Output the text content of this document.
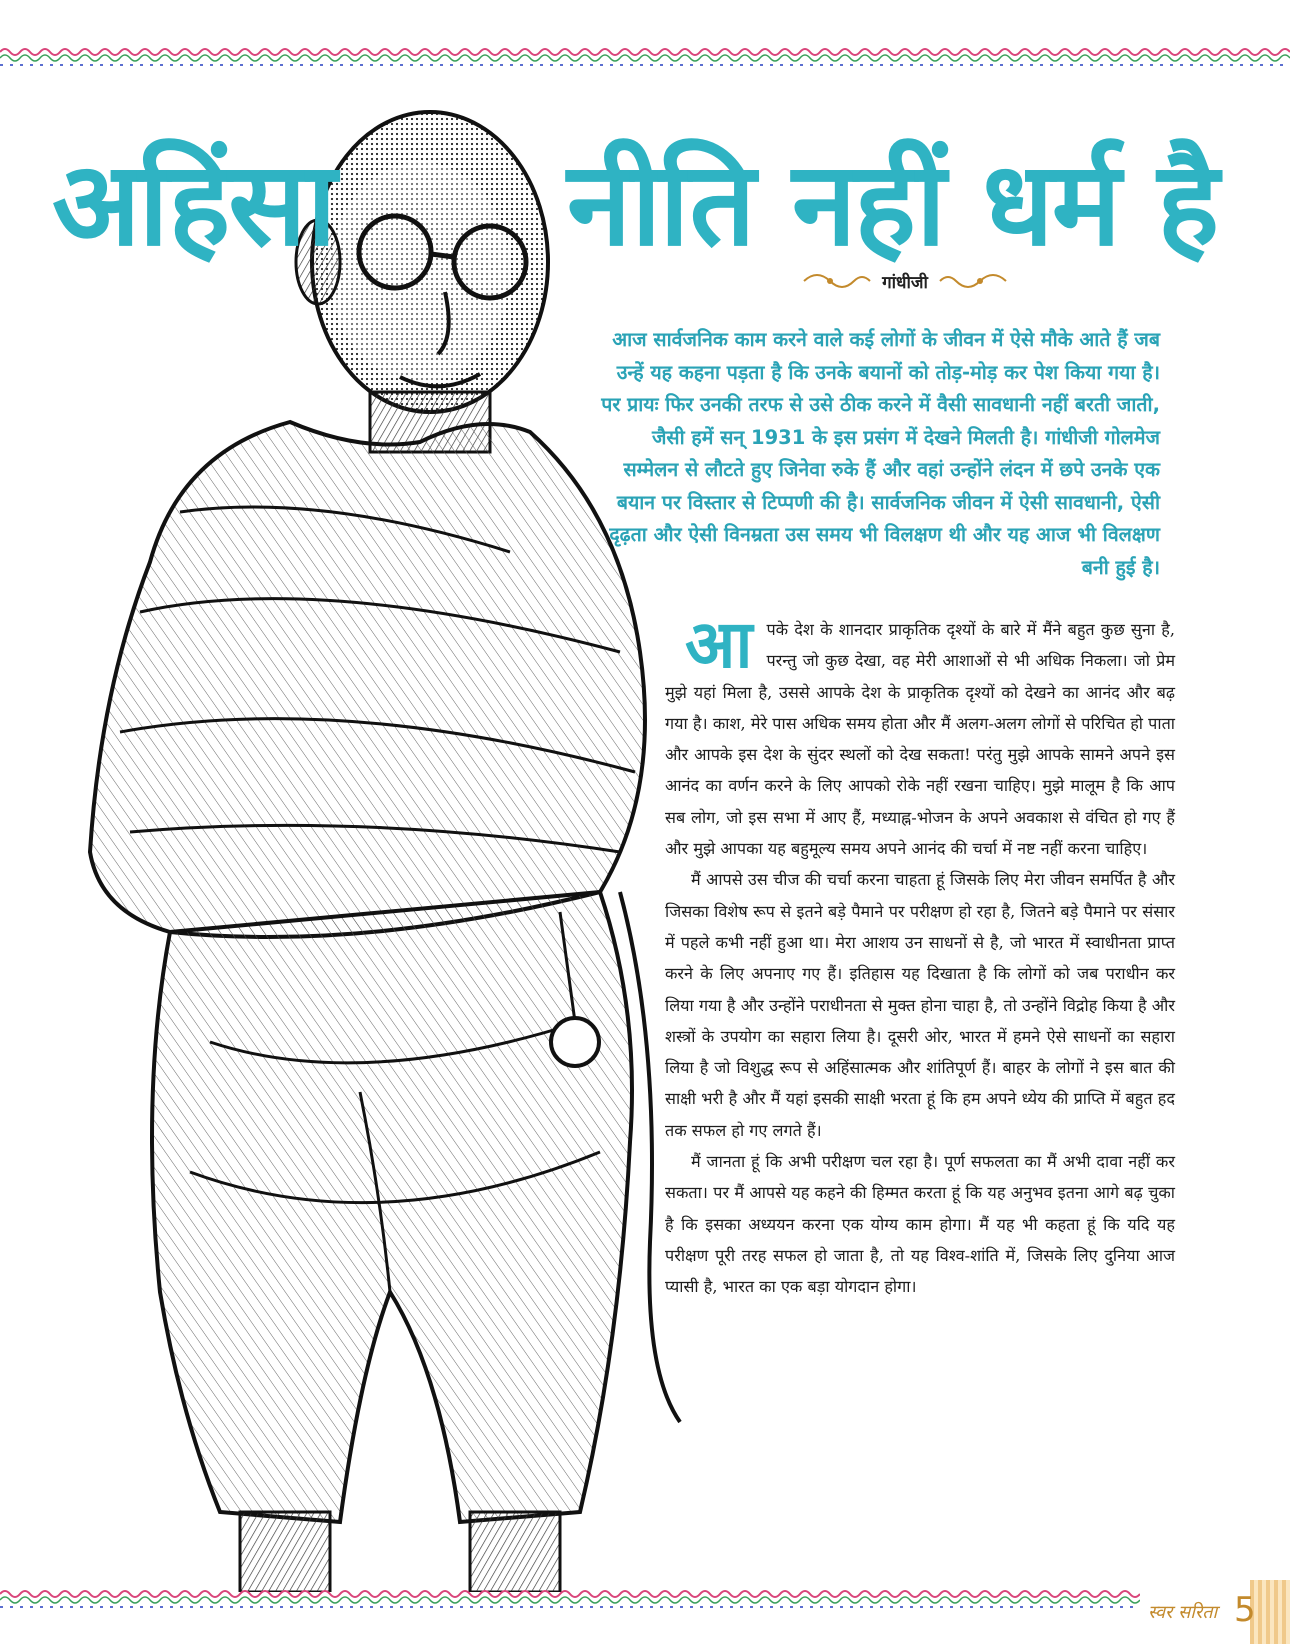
अहिंसा नीति नहीं धर्म है
गांधीजी
आज सार्वजनिक काम करने वाले कई लोगों के जीवन में ऐसे मौके आते हैं जब उन्हें यह कहना पड़ता है कि उनके बयानों को तोड़-मोड़ कर पेश किया गया है। पर प्रायः फिर उनकी तरफ से उसे ठीक करने में वैसी सावधानी नहीं बरती जाती, जैसी हमें सन् 1931 के इस प्रसंग में देखने मिलती है। गांधीजी गोलमेज सम्मेलन से लौटते हुए जिनेवा रुके हैं और वहां उन्होंने लंदन में छपे उनके एक बयान पर विस्तार से टिप्पणी की है। सार्वजनिक जीवन में ऐसी सावधानी, ऐसी दृढ़ता और ऐसी विनम्रता उस समय भी विलक्षण थी और यह आज भी विलक्षण बनी हुई है।

आपके देश के शानदार प्राकृतिक दृश्यों के बारे में मैंने बहुत कुछ सुना है, परन्तु जो कुछ देखा, वह मेरी आशाओं से भी अधिक निकला। जो प्रेम मुझे यहां मिला है, उससे आपके देश के प्राकृतिक दृश्यों को देखने का आनंद और बढ़ गया है। काश, मेरे पास अधिक समय होता और मैं अलग-अलग लोगों से परिचित हो पाता और आपके इस देश के सुंदर स्थलों को देख सकता! परंतु मुझे आपके सामने अपने इस आनंद का वर्णन करने के लिए आपको रोके नहीं रखना चाहिए। मुझे मालूम है कि आप सब लोग, जो इस सभा में आए हैं, मध्याह्न-भोजन के अपने अवकाश से वंचित हो गए हैं और मुझे आपका यह बहुमूल्य समय अपने आनंद की चर्चा में नष्ट नहीं करना चाहिए।

मैं आपसे उस चीज की चर्चा करना चाहता हूं जिसके लिए मेरा जीवन समर्पित है और जिसका विशेष रूप से इतने बड़े पैमाने पर परीक्षण हो रहा है, जितने बड़े पैमाने पर संसार में पहले कभी नहीं हुआ था। मेरा आशय उन साधनों से है, जो भारत में स्वाधीनता प्राप्त करने के लिए अपनाए गए हैं। इतिहास यह दिखाता है कि लोगों को जब पराधीन कर लिया गया है और उन्होंने पराधीनता से मुक्त होना चाहा है, तो उन्होंने विद्रोह किया है और शस्त्रों के उपयोग का सहारा लिया है। दूसरी ओर, भारत में हमने ऐसे साधनों का सहारा लिया है जो विशुद्ध रूप से अहिंसात्मक और शांतिपूर्ण हैं। बाहर के लोगों ने इस बात की साक्षी भरी है और मैं यहां इसकी साक्षी भरता हूं कि हम अपने ध्येय की प्राप्ति में बहुत हद तक सफल हो गए लगते हैं।

मैं जानता हूं कि अभी परीक्षण चल रहा है। पूर्ण सफलता का मैं अभी दावा नहीं कर सकता। पर मैं आपसे यह कहने की हिम्मत करता हूं कि यह अनुभव इतना आगे बढ़ चुका है कि इसका अध्ययन करना एक योग्य काम होगा। मैं यह भी कहता हूं कि यदि यह परीक्षण पूरी तरह सफल हो जाता है, तो यह विश्व-शांति में, जिसके लिए दुनिया आज प्यासी है, भारत का एक बड़ा योगदान होगा।

स्वर सरिता 5
